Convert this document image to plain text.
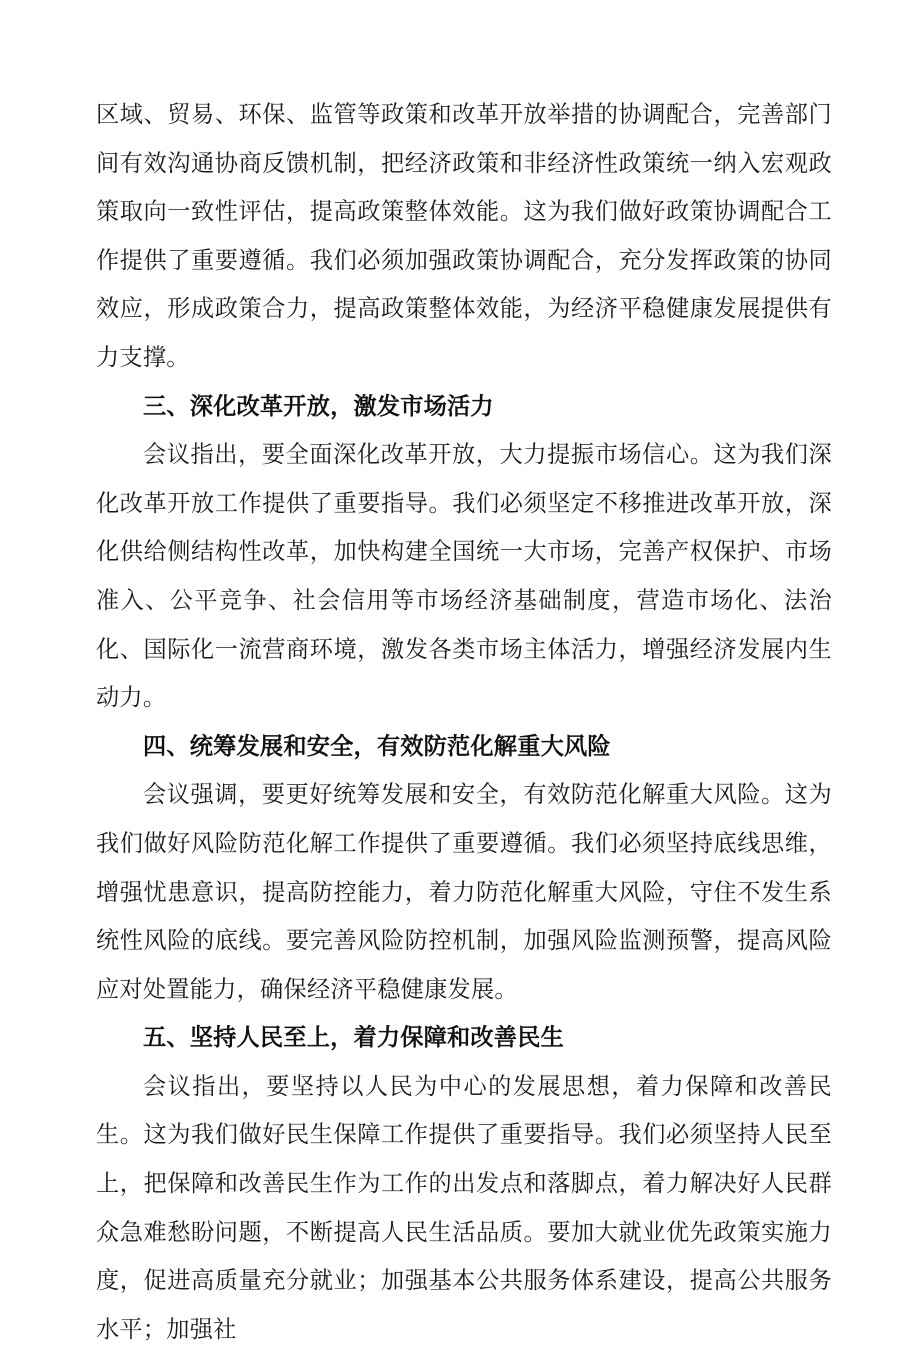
区域、贸易、环保、监管等政策和改革开放举措的协调配合，完善部门间有效沟通协商反馈机制，把经济政策和非经济性政策统一纳入宏观政策取向一致性评估，提高政策整体效能。这为我们做好政策协调配合工作提供了重要遵循。我们必须加强政策协调配合，充分发挥政策的协同效应，形成政策合力，提高政策整体效能，为经济平稳健康发展提供有力支撑。

三、深化改革开放，激发市场活力

会议指出，要全面深化改革开放，大力提振市场信心。这为我们深化改革开放工作提供了重要指导。我们必须坚定不移推进改革开放，深化供给侧结构性改革，加快构建全国统一大市场，完善产权保护、市场准入、公平竞争、社会信用等市场经济基础制度，营造市场化、法治化、国际化一流营商环境，激发各类市场主体活力，增强经济发展内生动力。

四、统筹发展和安全，有效防范化解重大风险

会议强调，要更好统筹发展和安全，有效防范化解重大风险。这为我们做好风险防范化解工作提供了重要遵循。我们必须坚持底线思维，增强忧患意识，提高防控能力，着力防范化解重大风险，守住不发生系统性风险的底线。要完善风险防控机制，加强风险监测预警，提高风险应对处置能力，确保经济平稳健康发展。

五、坚持人民至上，着力保障和改善民生

会议指出，要坚持以人民为中心的发展思想，着力保障和改善民生。这为我们做好民生保障工作提供了重要指导。我们必须坚持人民至上，把保障和改善民生作为工作的出发点和落脚点，着力解决好人民群众急难愁盼问题，不断提高人民生活品质。要加大就业优先政策实施力度，促进高质量充分就业；加强基本公共服务体系建设，提高公共服务水平；加强社
